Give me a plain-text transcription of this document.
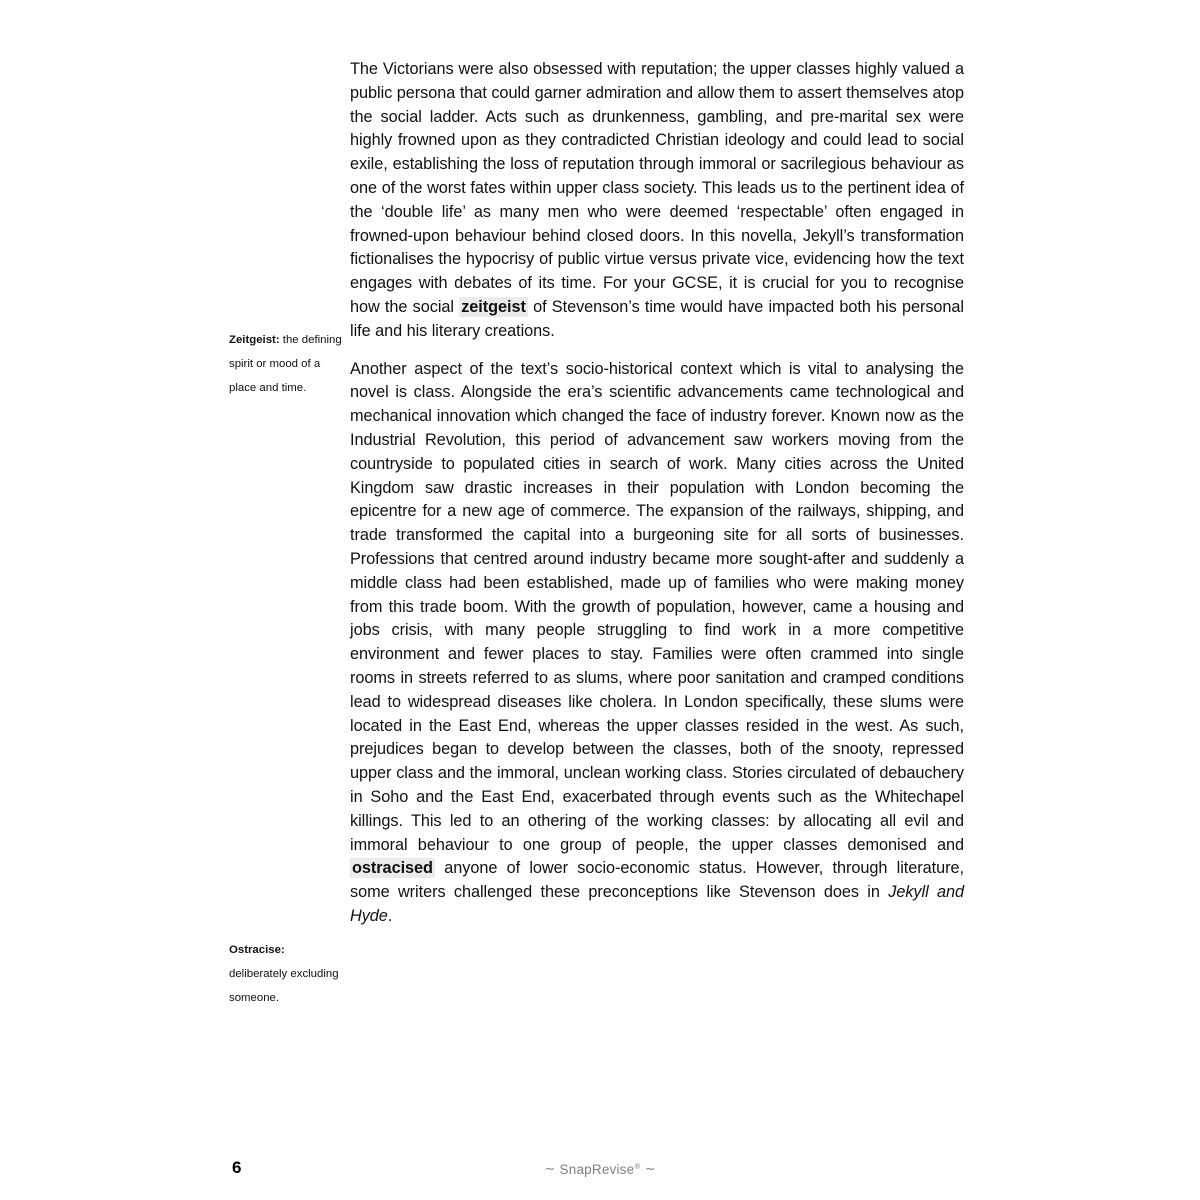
The Victorians were also obsessed with reputation; the upper classes highly valued a public persona that could garner admiration and allow them to assert themselves atop the social ladder. Acts such as drunkenness, gambling, and pre-marital sex were highly frowned upon as they contradicted Christian ideology and could lead to social exile, establishing the loss of reputation through immoral or sacrilegious behaviour as one of the worst fates within upper class society. This leads us to the pertinent idea of the ‘double life’ as many men who were deemed ‘respectable’ often engaged in frowned-upon behaviour behind closed doors. In this novella, Jekyll’s transformation fictionalises the hypocrisy of public virtue versus private vice, evidencing how the text engages with debates of its time. For your GCSE, it is crucial for you to recognise how the social zeitgeist of Stevenson’s time would have impacted both his personal life and his literary creations.

Another aspect of the text’s socio-historical context which is vital to analysing the novel is class. Alongside the era’s scientific advancements came technological and mechanical innovation which changed the face of industry forever. Known now as the Industrial Revolution, this period of advancement saw workers moving from the countryside to populated cities in search of work. Many cities across the United Kingdom saw drastic increases in their population with London becoming the epicentre for a new age of commerce. The expansion of the railways, shipping, and trade transformed the capital into a burgeoning site for all sorts of businesses. Professions that centred around industry became more sought-after and suddenly a middle class had been established, made up of families who were making money from this trade boom. With the growth of population, however, came a housing and jobs crisis, with many people struggling to find work in a more competitive environment and fewer places to stay. Families were often crammed into single rooms in streets referred to as slums, where poor sanitation and cramped conditions lead to widespread diseases like cholera. In London specifically, these slums were located in the East End, whereas the upper classes resided in the west. As such, prejudices began to develop between the classes, both of the snooty, repressed upper class and the immoral, unclean working class. Stories circulated of debauchery in Soho and the East End, exacerbated through events such as the Whitechapel killings. This led to an othering of the working classes: by allocating all evil and immoral behaviour to one group of people, the upper classes demonised and ostracised anyone of lower socio-economic status. However, through literature, some writers challenged these preconceptions like Stevenson does in Jekyll and Hyde.

Zeitgeist: the defining spirit or mood of a place and time.
Ostracise:
deliberately excluding someone.
6	∼ SnapRevise® ∼
